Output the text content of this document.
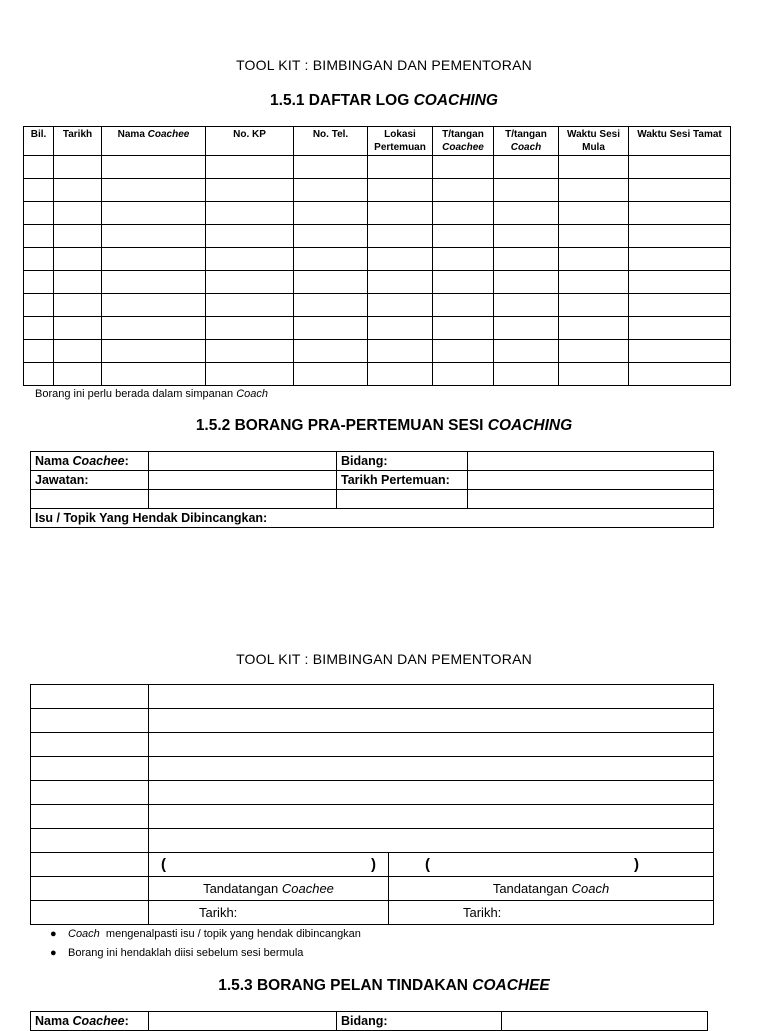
TOOL KIT : BIMBINGAN DAN PEMENTORAN
1.5.1 DAFTAR LOG COACHING
Bil.	Tarikh	Nama Coachee	No. KP	No. Tel.	Lokasi Pertemuan	T/tangan Coachee	T/tangan Coach	Waktu Sesi Mula	Waktu Sesi Tamat

Borang ini perlu berada dalam simpanan Coach
1.5.2 BORANG PRA-PERTEMUAN SESI COACHING
Nama Coachee:		Bidang:	
Jawatan:		Tarikh Pertemuan:	

Isu / Topik Yang Hendak Dibincangkan:			
TOOL KIT : BIMBINGAN DAN PEMENTORAN

	( )	( )

	Tandatangan Coachee	Tandatangan Coach
	Tarikh:	Tarikh:
● Coach  mengenalpasti isu / topik yang hendak dibincangkan
● Borang ini hendaklah diisi sebelum sesi bermula
1.5.3 BORANG PELAN TINDAKAN COACHEE
Nama Coachee:		Bidang:	
